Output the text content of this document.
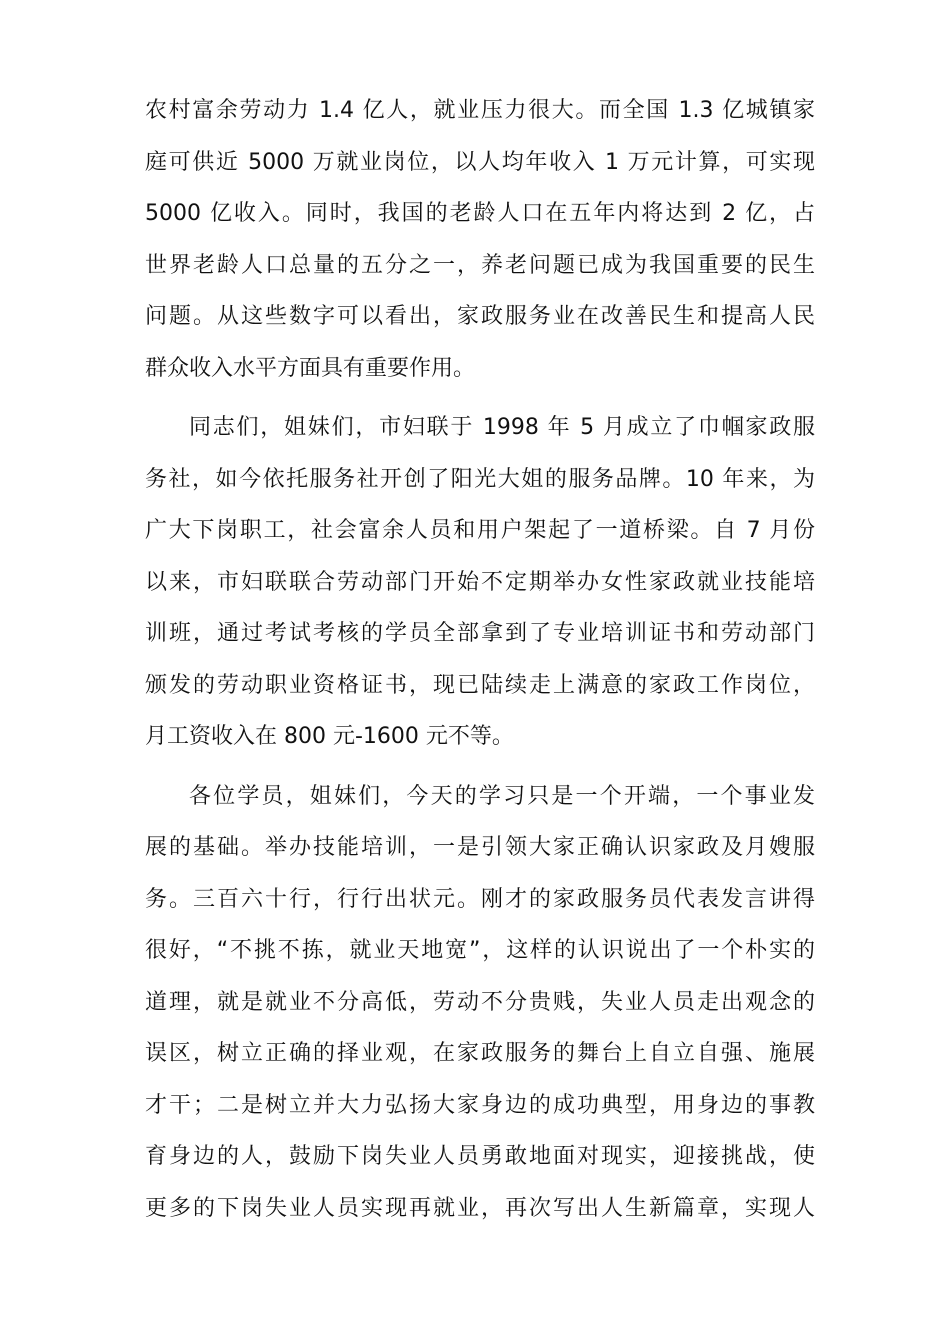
农村富余劳动力 1.4 亿人，就业压力很大。而全国 1.3 亿城镇家
庭可供近 5000 万就业岗位，以人均年收入 1 万元计算，可实现
5000 亿收入。同时，我国的老龄人口在五年内将达到 2 亿，占
世界老龄人口总量的五分之一，养老问题已成为我国重要的民生
问题。从这些数字可以看出，家政服务业在改善民生和提高人民
群众收入水平方面具有重要作用。
同志们，姐妹们，市妇联于 1998 年 5 月成立了巾帼家政服
务社，如今依托服务社开创了阳光大姐的服务品牌。10 年来，为
广大下岗职工，社会富余人员和用户架起了一道桥梁。自 7 月份
以来，市妇联联合劳动部门开始不定期举办女性家政就业技能培
训班，通过考试考核的学员全部拿到了专业培训证书和劳动部门
颁发的劳动职业资格证书，现已陆续走上满意的家政工作岗位，
月工资收入在 800 元-1600 元不等。
各位学员，姐妹们，今天的学习只是一个开端，一个事业发
展的基础。举办技能培训，一是引领大家正确认识家政及月嫂服
务。三百六十行，行行出状元。刚才的家政服务员代表发言讲得
很好，“不挑不拣，就业天地宽”，这样的认识说出了一个朴实的
道理，就是就业不分高低，劳动不分贵贱，失业人员走出观念的
误区，树立正确的择业观，在家政服务的舞台上自立自强、施展
才干；二是树立并大力弘扬大家身边的成功典型，用身边的事教
育身边的人，鼓励下岗失业人员勇敢地面对现实，迎接挑战，使
更多的下岗失业人员实现再就业，再次写出人生新篇章，实现人
